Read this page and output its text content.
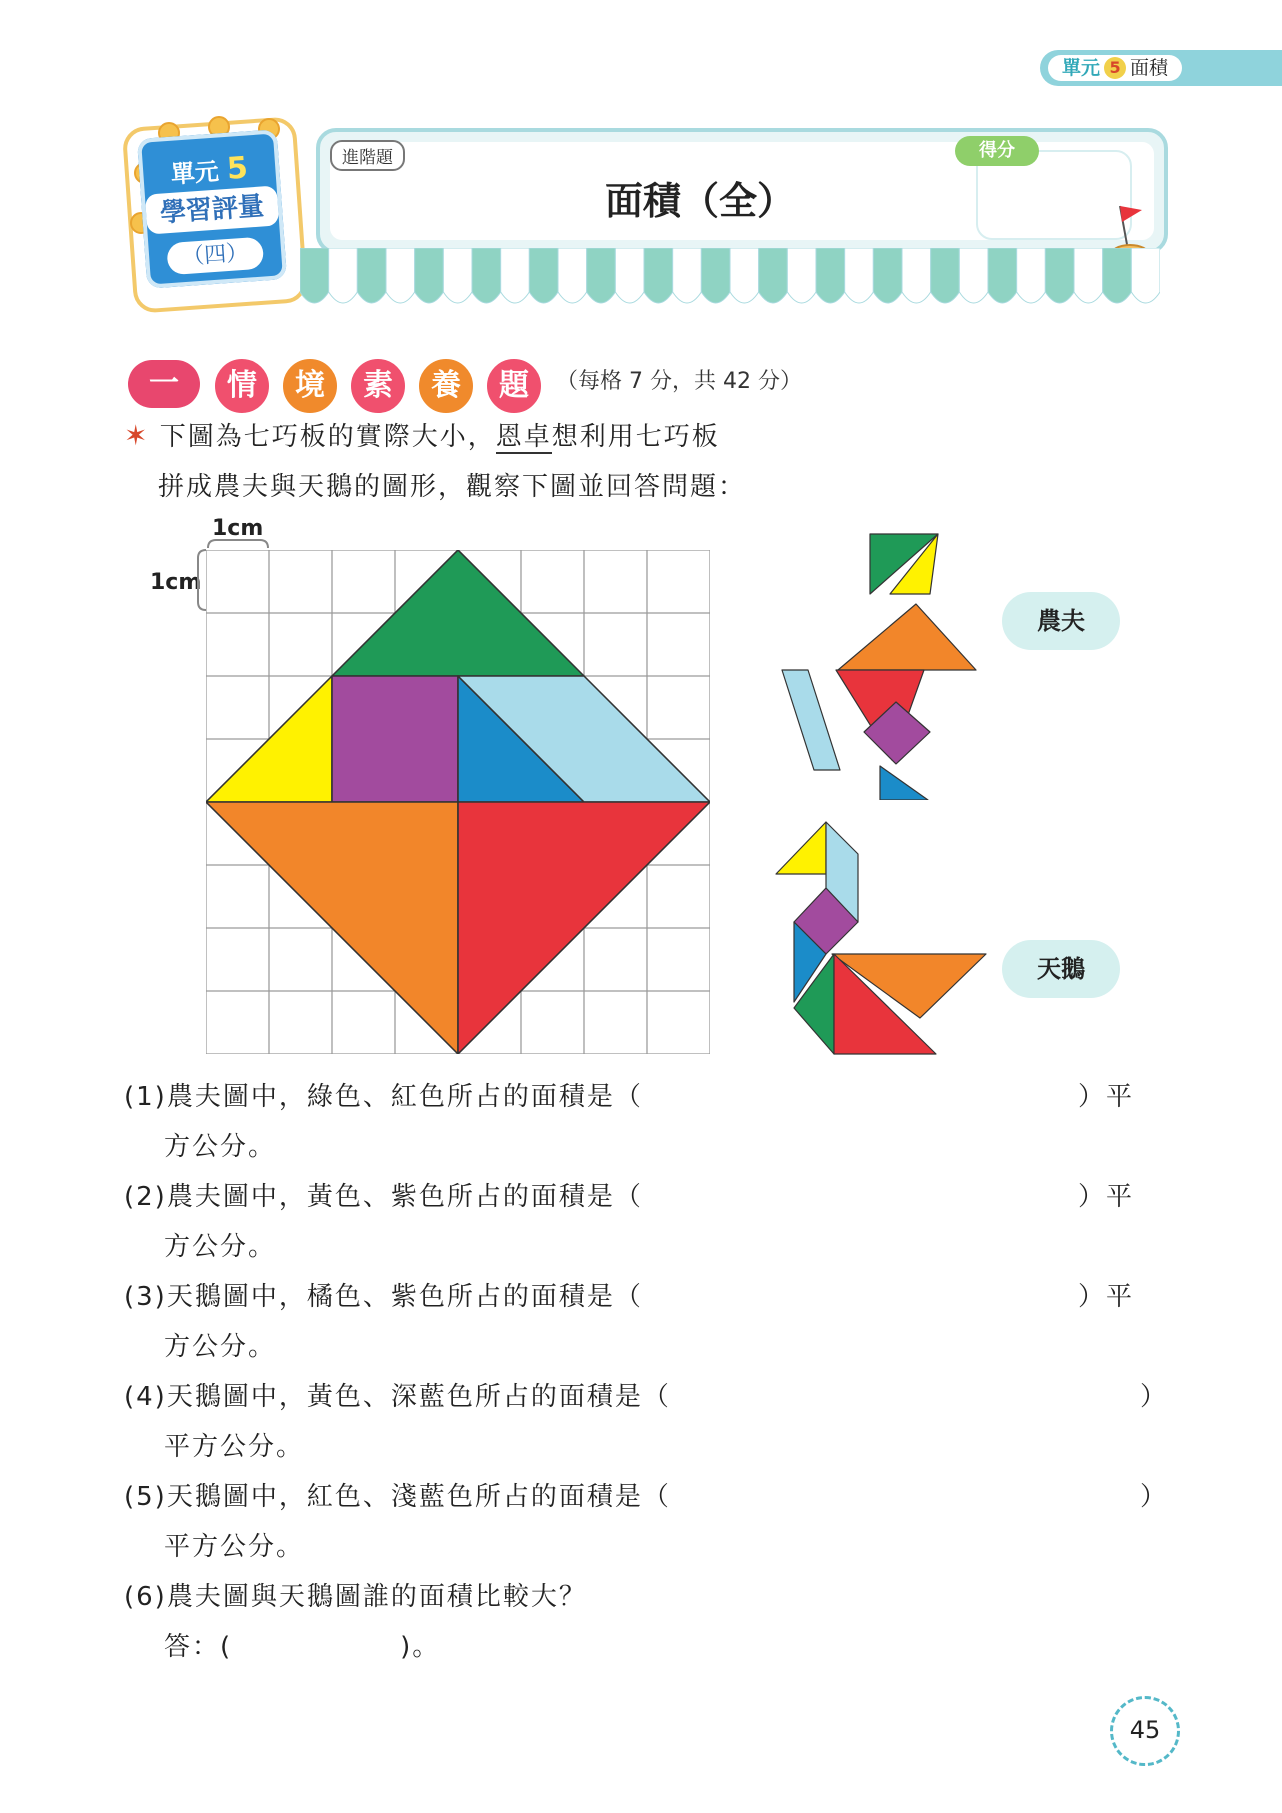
單元 5 面積
單元 5
學習評量
（四）
進階題
面積（全）
得分
一	情	境	素	養	題	（每格 7 分，共 42 分）
✶ 下圖為七巧板的實際大小，恩卓想利用七巧板
拼成農夫與天鵝的圖形，觀察下圖並回答問題：
1cm
1cm
農夫
天鵝
(1)農夫圖中，綠色、紅色所占的面積是（	）平
方公分。
(2)農夫圖中，黃色、紫色所占的面積是（	）平
方公分。
(3)天鵝圖中，橘色、紫色所占的面積是（	）平
方公分。
(4)天鵝圖中，黃色、深藍色所占的面積是（	）
平方公分。
(5)天鵝圖中，紅色、淺藍色所占的面積是（	）
平方公分。
(6)農夫圖與天鵝圖誰的面積比較大？
答：(　　　　　　)。
45
